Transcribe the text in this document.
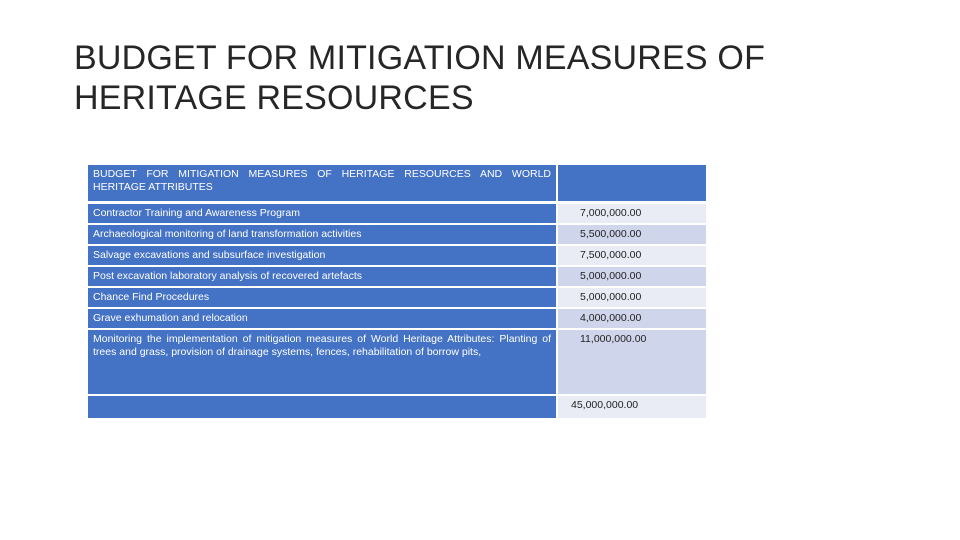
BUDGET FOR MITIGATION MEASURES OF HERITAGE RESOURCES
BUDGET FOR MITIGATION MEASURES OF HERITAGE RESOURCES AND WORLD HERITAGE ATTRIBUTES	
Contractor Training and Awareness Program	7,000,000.00
Archaeological monitoring of land transformation activities	5,500,000.00
Salvage excavations and subsurface investigation	7,500,000.00
Post excavation laboratory analysis of recovered artefacts	5,000,000.00
Chance Find Procedures	5,000,000.00
Grave exhumation and relocation	4,000,000.00
Monitoring the implementation of mitigation measures of World Heritage Attributes: Planting of trees and grass, provision of drainage systems, fences, rehabilitation of borrow pits,	11,000,000.00
	45,000,000.00
